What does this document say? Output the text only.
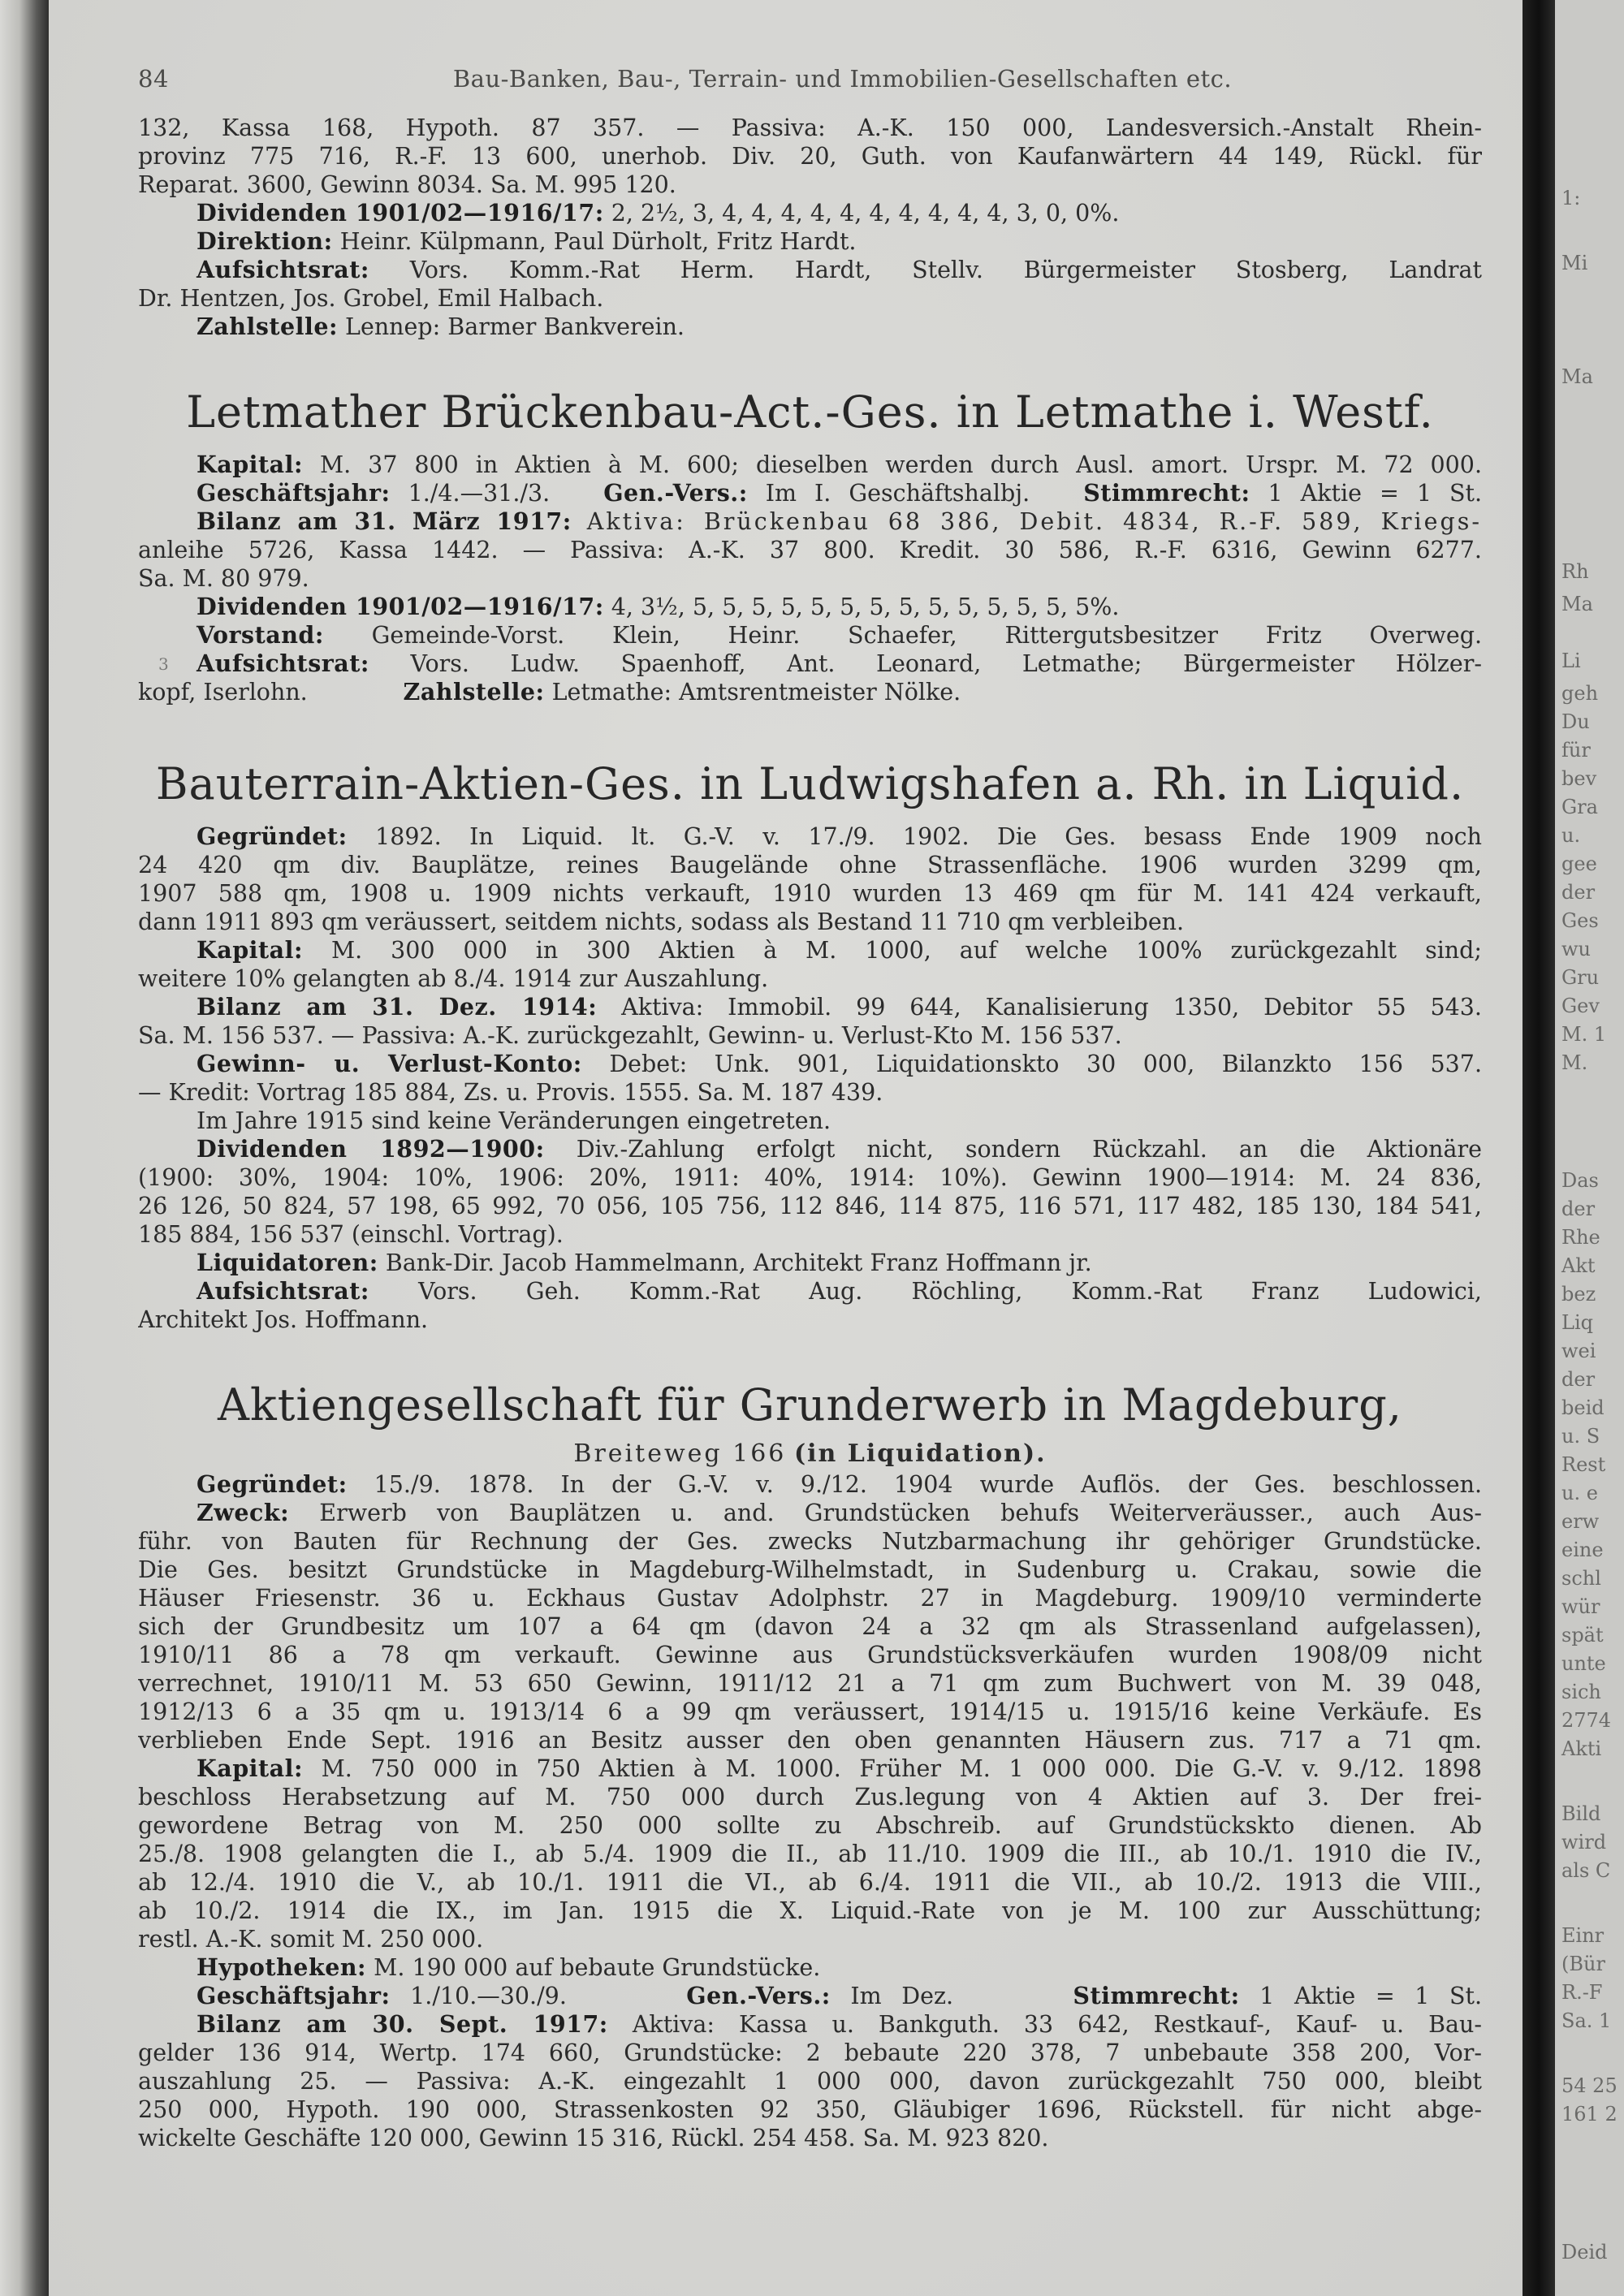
1:
Mi
Ma
Rh
Ma
Li
geh
Du
für
bev
Gra
u.
gee
der
Ges
wu
Gru
Gev
M. 1
M.
Das
der
Rhe
Akt
bez
Liq
wei
der
beid
u. S
Rest
u. e
erw
eine
schl
wür
spät
unte
sich
2774
Akti
Bild
wird
als C
Einr
(Bür
R.-F
Sa. 1
54 25
161 2
Deid
3
84	Bau-Banken, Bau-, Terrain- und Immobilien-Gesellschaften etc.
132, Kassa 168, Hypoth. 87 357. — Passiva: A.-K. 150 000, Landesversich.-Anstalt Rhein-
provinz 775 716, R.-F. 13 600, unerhob. Div. 20, Guth. von Kaufanwärtern 44 149, Rückl. für
Reparat. 3600, Gewinn 8034. Sa. M. 995 120.
Dividenden 1901/02—1916/17: 2, 2½, 3, 4, 4, 4, 4, 4, 4, 4, 4, 4, 4, 3, 0, 0%.
Direktion: Heinr. Külpmann, Paul Dürholt, Fritz Hardt.
Aufsichtsrat: Vors. Komm.-Rat Herm. Hardt, Stellv. Bürgermeister Stosberg, Landrat
Dr. Hentzen, Jos. Grobel, Emil Halbach.
Zahlstelle: Lennep: Barmer Bankverein.
Letmather Brückenbau-Act.-Ges. in Letmathe i. Westf.
Kapital: M. 37 800 in Aktien à M. 600; dieselben werden durch Ausl. amort. Urspr. M. 72 000.
Geschäftsjahr: 1./4.—31./3. Gen.-Vers.: Im I. Geschäftshalbj. Stimmrecht: 1 Aktie = 1 St.
Bilanz am 31. März 1917: Aktiva: Brückenbau 68 386, Debit. 4834, R.-F. 589, Kriegs-
anleihe 5726, Kassa 1442. — Passiva: A.-K. 37 800. Kredit. 30 586, R.-F. 6316, Gewinn 6277.
Sa. M. 80 979.
Dividenden 1901/02—1916/17: 4, 3½, 5, 5, 5, 5, 5, 5, 5, 5, 5, 5, 5, 5, 5, 5%.
Vorstand: Gemeinde-Vorst. Klein, Heinr. Schaefer, Rittergutsbesitzer Fritz Overweg.
Aufsichtsrat: Vors. Ludw. Spaenhoff, Ant. Leonard, Letmathe; Bürgermeister Hölzer-
kopf, Iserlohn.	Zahlstelle: Letmathe: Amtsrentmeister Nölke.
Bauterrain-Aktien-Ges. in Ludwigshafen a. Rh. in Liquid.
Gegründet: 1892. In Liquid. lt. G.-V. v. 17./9. 1902. Die Ges. besass Ende 1909 noch
24 420 qm div. Bauplätze, reines Baugelände ohne Strassenfläche. 1906 wurden 3299 qm,
1907 588 qm, 1908 u. 1909 nichts verkauft, 1910 wurden 13 469 qm für M. 141 424 verkauft,
dann 1911 893 qm veräussert, seitdem nichts, sodass als Bestand 11 710 qm verbleiben.
Kapital: M. 300 000 in 300 Aktien à M. 1000, auf welche 100% zurückgezahlt sind;
weitere 10% gelangten ab 8./4. 1914 zur Auszahlung.
Bilanz am 31. Dez. 1914: Aktiva: Immobil. 99 644, Kanalisierung 1350, Debitor 55 543.
Sa. M. 156 537. — Passiva: A.-K. zurückgezahlt, Gewinn- u. Verlust-Kto M. 156 537.
Gewinn- u. Verlust-Konto: Debet: Unk. 901, Liquidationskto 30 000, Bilanzkto 156 537.
— Kredit: Vortrag 185 884, Zs. u. Provis. 1555. Sa. M. 187 439.
Im Jahre 1915 sind keine Veränderungen eingetreten.
Dividenden 1892—1900: Div.-Zahlung erfolgt nicht, sondern Rückzahl. an die Aktionäre
(1900: 30%, 1904: 10%, 1906: 20%, 1911: 40%, 1914: 10%). Gewinn 1900—1914: M. 24 836,
26 126, 50 824, 57 198, 65 992, 70 056, 105 756, 112 846, 114 875, 116 571, 117 482, 185 130, 184 541,
185 884, 156 537 (einschl. Vortrag).
Liquidatoren: Bank-Dir. Jacob Hammelmann, Architekt Franz Hoffmann jr.
Aufsichtsrat: Vors. Geh. Komm.-Rat Aug. Röchling, Komm.-Rat Franz Ludowici,
Architekt Jos. Hoffmann.
Aktiengesellschaft für Grunderwerb in Magdeburg,
Breiteweg 166 (in Liquidation).
Gegründet: 15./9. 1878. In der G.-V. v. 9./12. 1904 wurde Auflös. der Ges. beschlossen.
Zweck: Erwerb von Bauplätzen u. and. Grundstücken behufs Weiterveräusser., auch Aus-
führ. von Bauten für Rechnung der Ges. zwecks Nutzbarmachung ihr gehöriger Grundstücke.
Die Ges. besitzt Grundstücke in Magdeburg-Wilhelmstadt, in Sudenburg u. Crakau, sowie die
Häuser Friesenstr. 36 u. Eckhaus Gustav Adolphstr. 27 in Magdeburg. 1909/10 verminderte
sich der Grundbesitz um 107 a 64 qm (davon 24 a 32 qm als Strassenland aufgelassen),
1910/11 86 a 78 qm verkauft. Gewinne aus Grundstücksverkäufen wurden 1908/09 nicht
verrechnet, 1910/11 M. 53 650 Gewinn, 1911/12 21 a 71 qm zum Buchwert von M. 39 048,
1912/13 6 a 35 qm u. 1913/14 6 a 99 qm veräussert, 1914/15 u. 1915/16 keine Verkäufe. Es
verblieben Ende Sept. 1916 an Besitz ausser den oben genannten Häusern zus. 717 a 71 qm.
Kapital: M. 750 000 in 750 Aktien à M. 1000. Früher M. 1 000 000. Die G.-V. v. 9./12. 1898
beschloss Herabsetzung auf M. 750 000 durch Zus.legung von 4 Aktien auf 3. Der frei-
gewordene Betrag von M. 250 000 sollte zu Abschreib. auf Grundstückskto dienen. Ab
25./8. 1908 gelangten die I., ab 5./4. 1909 die II., ab 11./10. 1909 die III., ab 10./1. 1910 die IV.,
ab 12./4. 1910 die V., ab 10./1. 1911 die VI., ab 6./4. 1911 die VII., ab 10./2. 1913 die VIII.,
ab 10./2. 1914 die IX., im Jan. 1915 die X. Liquid.-Rate von je M. 100 zur Ausschüttung;
restl. A.-K. somit M. 250 000.
Hypotheken: M. 190 000 auf bebaute Grundstücke.
Geschäftsjahr: 1./10.—30./9.	Gen.-Vers.: Im Dez.	Stimmrecht: 1 Aktie = 1 St.
Bilanz am 30. Sept. 1917: Aktiva: Kassa u. Bankguth. 33 642, Restkauf-, Kauf- u. Bau-
gelder 136 914, Wertp. 174 660, Grundstücke: 2 bebaute 220 378, 7 unbebaute 358 200, Vor-
auszahlung 25. — Passiva: A.-K. eingezahlt 1 000 000, davon zurückgezahlt 750 000, bleibt
250 000, Hypoth. 190 000, Strassenkosten 92 350, Gläubiger 1696, Rückstell. für nicht abge-
wickelte Geschäfte 120 000, Gewinn 15 316, Rückl. 254 458. Sa. M. 923 820.
